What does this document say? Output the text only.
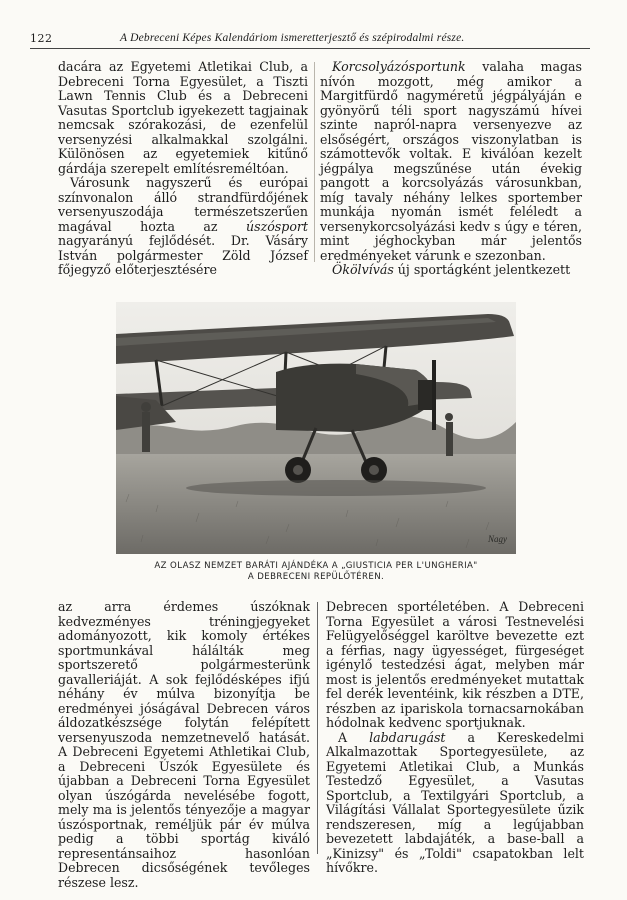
122	A Debreceni Képes Kalendáriom ismeretterjesztő és szépirodalmi része.

dacára az Egyetemi Atletikai Club, a Debreceni Torna Egyesület, a Tiszti Lawn Tennis Club és a Debreceni Vasutas Sportclub igyekezett tagjainak nemcsak szórakozási, de ezenfelül versenyzési alkalmakkal szolgálni. Különösen az egyetemiek kitűnő gárdája szerepelt említésreméltóan.

Városunk nagyszerű és európai színvonalon álló strandfürdőjének versenyuszodája természetszerűen magával hozta az úszósport nagyarányú fejlődését. Dr. Vásáry István polgármester Zöld József főjegyző előterjesztésére

Korcsolyázósportunk valaha magas nívón mozgott, még amikor a Margitfürdő nagyméretű jégpályáján e gyönyörű téli sport nagyszámú hívei szinte napról-napra versenyezve az elsőségért, országos viszonylatban is számottevők voltak. E kiválóan kezelt jégpálya megszűnése után évekig pangott a korcsolyázás városunkban, míg tavaly néhány lelkes sportember munkája nyomán ismét feléledt a versenykorcsolyázási kedv s úgy e téren, mint jéghockyban már jelentős eredményeket várunk e szezonban.

Ökölvívás új sportágként jelentkezett

Nagy
AZ OLASZ NEMZET BARÁTI AJÁNDÉKA A „GIUSTICIA PER L'UNGHERIA"
A DEBRECENI REPÜLŐTÉREN.

az arra érdemes úszóknak kedvezményes tréningjegyeket adományozott, kik komoly értékes sportmunkával hálálták meg sportszerető polgármesterünk gavalleriáját. A sok fejlődésképes ifjú néhány év múlva bizonyítja be eredményei jóságával Debrecen város áldozatkészsége folytán felépített versenyuszoda nemzetnevelő hatását. A Debreceni Egyetemi Athletikai Club, a Debreceni Úszók Egyesülete és újabban a Debreceni Torna Egyesület olyan úszógárda nevelésébe fogott, mely ma is jelentős tényezője a magyar úszósportnak, reméljük pár év múlva pedig a többi sportág kiváló representánsaihoz hasonlóan Debrecen dicsőségének tevőleges részese lesz.

Debrecen sportéletében. A Debreceni Torna Egyesület a városi Testnevelési Felügyelőséggel karöltve bevezette ezt a férfias, nagy ügyességet, fürgeséget igénylő testedzési ágat, melyben már most is jelentős eredményeket mutattak fel derék leventéink, kik részben a DTE, részben az ipariskola tornacsarnokában hódolnak kedvenc sportjuknak.

A labdarugást a Kereskedelmi Alkalmazottak Sportegyesülete, az Egyetemi Atletikai Club, a Munkás Testedző Egyesület, a Vasutas Sportclub, a Textilgyári Sportclub, a Világítási Vállalat Sportegyesülete űzik rendszeresen, míg a legújabban bevezetett labdajáték, a base-ball a „Kinizsy" és „Toldi" csapatokban lelt hívőkre.
